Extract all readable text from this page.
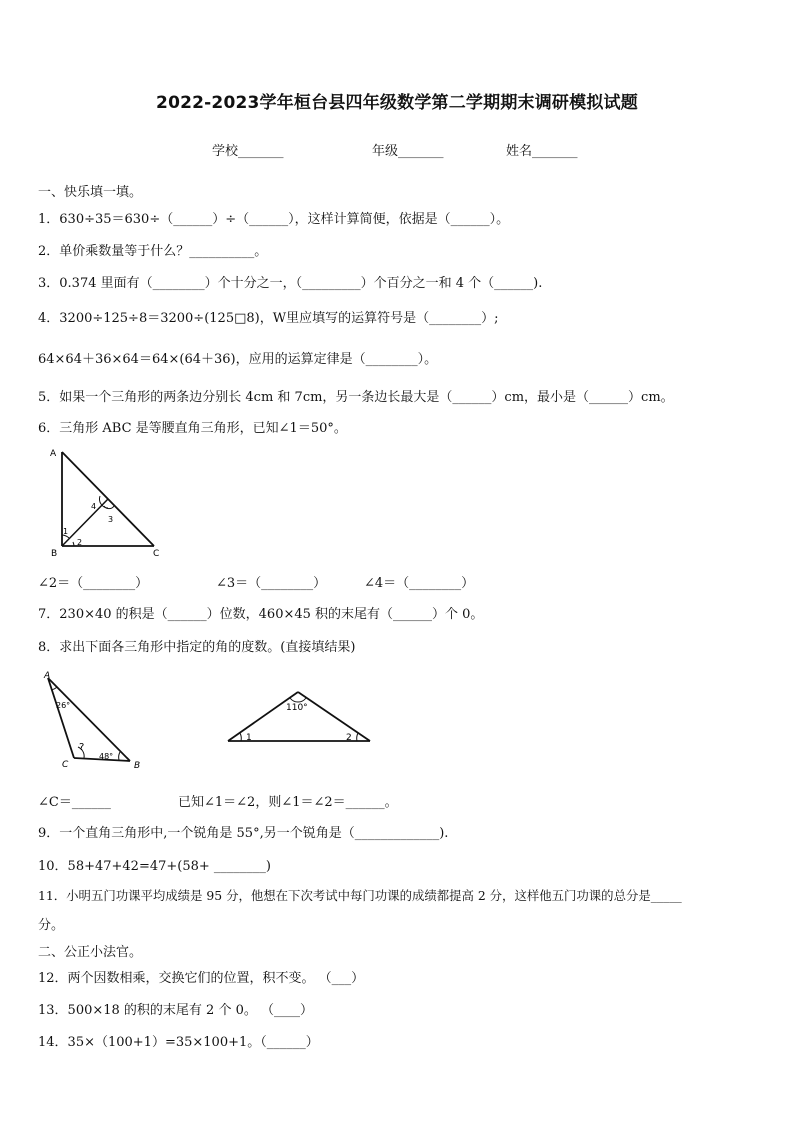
2022-2023学年桓台县四年级数学第二学期期末调研模拟试题
学校_______	年级_______	姓名_______
一、快乐填一填。
1．630÷35＝630÷（______）÷（______），这样计算简便，依据是（______）。
2．单价乘数量等于什么？__________。
3．0.374 里面有（________）个十分之一，（_________）个百分之一和 4 个（______).
4．3200÷125÷8＝3200÷(125□8)，W里应填写的运算符号是（________）;
64×64＋36×64＝64×(64＋36)，应用的运算定律是（________）。
5．如果一个三角形的两条边分别长 4cm 和 7cm，另一条边长最大是（______）cm，最小是（______）cm。
6．三角形 ABC 是等腰直角三角形，已知∠1＝50°。
A
B	C
1
2
3
4
∠2＝（________）	∠3＝（________）	∠4＝（________）
7．230×40 的积是（______）位数，460×45 积的末尾有（______）个 0。
8．求出下面各三角形中指定的角的度数。(直接填结果)
A
C	B
26°
48°
?
110°
1	2
∠C＝______	已知∠1＝∠2，则∠1＝∠2＝______。
9．一个直角三角形中,一个锐角是 55°,另一个锐角是（_____________).
10．58+47+42=47+(58+ ________)
11．小明五门功课平均成绩是 95 分，他想在下次考试中每门功课的成绩都提高 2 分，这样他五门功课的总分是_____
分。
二、公正小法官。
12．两个因数相乘，交换它们的位置，积不变。 （___）
13．500×18 的积的末尾有 2 个 0。 （____）
14．35×（100+1）=35×100+1。（______）
